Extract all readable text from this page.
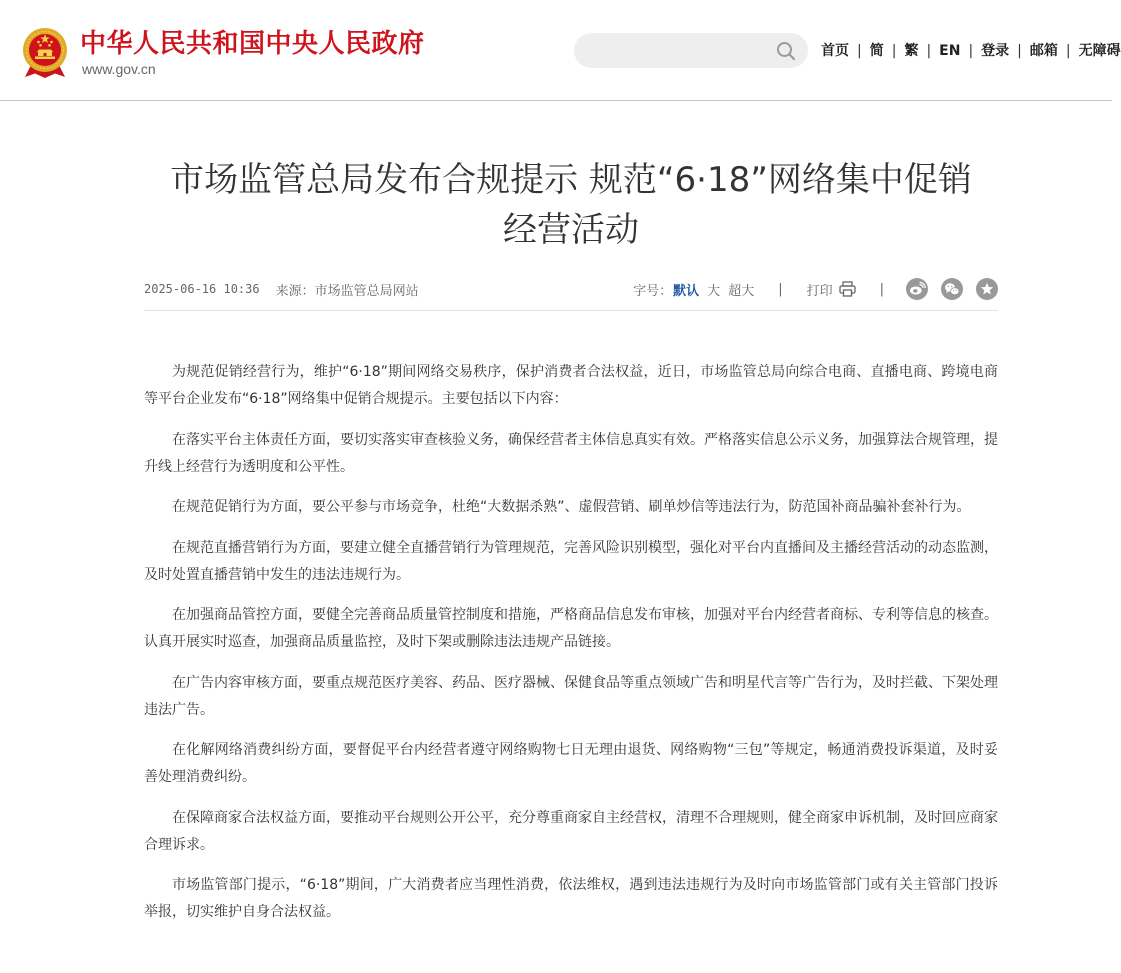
中华人民共和国中央人民政府
www.gov.cn
首页 | 简 | 繁 | EN | 登录 | 邮箱 | 无障碍
市场监管总局发布合规提示 规范“6·18”网络集中促销经营活动
2025-06-16 10:36 来源：市场监管总局网站	字号： 默认 大 超大 | 打印	|

为规范促销经营行为，维护“6·18”期间网络交易秩序，保护消费者合法权益，近日，市场监管总局向综合电商、直播电商、跨境电商等平台企业发布“6·18”网络集中促销合规提示。主要包括以下内容：

在落实平台主体责任方面，要切实落实审查核验义务，确保经营者主体信息真实有效。严格落实信息公示义务，加强算法合规管理，提升线上经营行为透明度和公平性。

在规范促销行为方面，要公平参与市场竞争，杜绝“大数据杀熟”、虚假营销、刷单炒信等违法行为，防范国补商品骗补套补行为。

在规范直播营销行为方面，要建立健全直播营销行为管理规范，完善风险识别模型，强化对平台内直播间及主播经营活动的动态监测，及时处置直播营销中发生的违法违规行为。

在加强商品管控方面，要健全完善商品质量管控制度和措施，严格商品信息发布审核，加强对平台内经营者商标、专利等信息的核查。认真开展实时巡查，加强商品质量监控，及时下架或删除违法违规产品链接。

在广告内容审核方面，要重点规范医疗美容、药品、医疗器械、保健食品等重点领域广告和明星代言等广告行为，及时拦截、下架处理违法广告。

在化解网络消费纠纷方面，要督促平台内经营者遵守网络购物七日无理由退货、网络购物“三包”等规定，畅通消费投诉渠道，及时妥善处理消费纠纷。

在保障商家合法权益方面，要推动平台规则公开公平，充分尊重商家自主经营权，清理不合理规则，健全商家申诉机制，及时回应商家合理诉求。

市场监管部门提示，“6·18”期间，广大消费者应当理性消费，依法维权，遇到违法违规行为及时向市场监管部门或有关主管部门投诉举报，切实维护自身合法权益。
